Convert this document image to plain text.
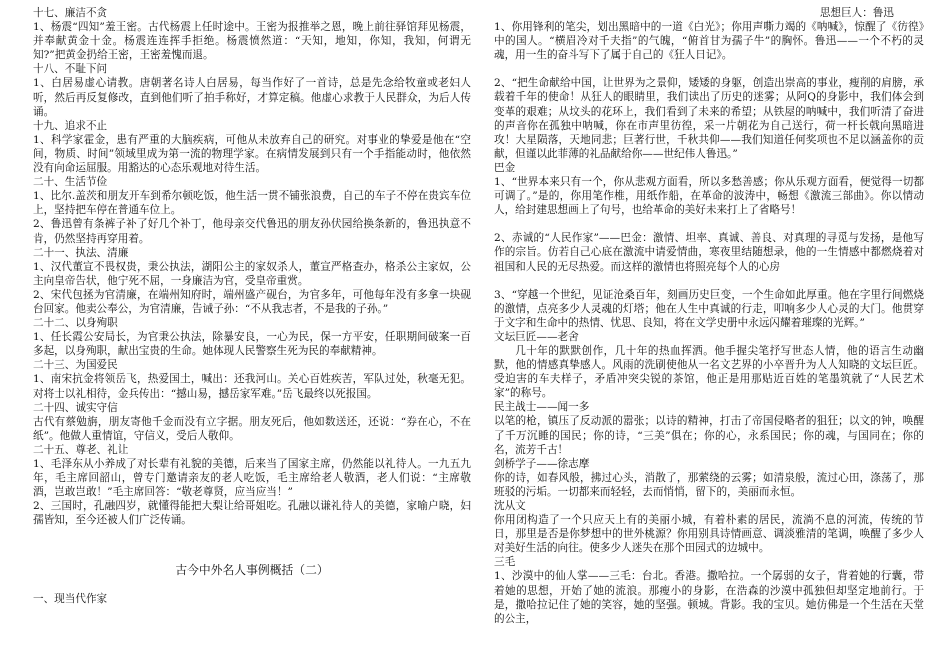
十七、廉洁不贪

1、杨震“四知”羞王密。古代杨震上任时途中。王密为报推举之恩，晚上前往驿馆拜见杨震，并奉献黄金十金。杨震连连挥手拒绝。杨震愤然道：“天知，地知，你知，我知，何谓无知?”把黄金扔给王密，王密羞愧而退。

十八、不耻下问

1、白居易虚心请教。唐朝著名诗人白居易，每当作好了一首诗，总是先念给牧童或老妇人听，然后再反复修改，直到他们听了拍手称好，才算定稿。他虚心求教于人民群众，为后人传诵。

十九、追求不止

1、科学家霍金，患有严重的大脑疾病，可他从未放弃自己的研究。对事业的挚爱是他在“空间，物质、时间”领域里成为第一流的物理学家。在病情发展到只有一个手指能动时，他依然没有向命运屈服。用豁达的心态乐观地对待生活。

二十、生活节俭

1、比尔.盖茨和朋友开车到希尔顿吃饭，他生活一贯不铺张浪费，自己的车子不停在贵宾车位上，坚持把车停在普通车位上。

2、鲁迅曾有条裤子补了好几个补丁，他母亲交代鲁迅的朋友孙伏园给换条新的，鲁迅执意不肯，仍然坚持再穿用着。

二十一、执法、清廉

1、汉代董宣不畏权贵，秉公执法，湖阳公主的家奴杀人，董宣严格查办，格杀公主家奴，公主向皇帝告状，他宁死不屈，一身廉洁为官，受皇帝重赏。

2、宋代包拯为官清廉，在端州知府时，端州盛产砚台，为官多年，可他每年没有多拿一块砚台回家。他卖公奉公，为官清廉，告诫子孙：“不从我志者，不是我的子孙。”

二十二、以身殉职

1、任长霞公安局长，为官秉公执法，除暴安良，一心为民，保一方平安，任职期间破案一百多起，以身殉职，献出宝贵的生命。她体现人民警察生死为民的奉献精神。

二十三、为国爱民

1、南宋抗金将领岳飞，热爱国土，喊出：还我河山。关心百姓疾苦，军队过处，秋毫无犯。对将士以礼相待，金兵传出：“撼山易，撼岳家军难。”岳飞最终以死报国。

二十四、诚实守信

古代有蔡勉旃，朋友寄他千金而没有立字据。朋友死后，他如数送还，还说：“券在心，不在纸”。他做人重情谊，守信义，受后人敬仰。

二十五、尊老、礼让

1、毛泽东从小养成了对长辈有礼貌的美德，后来当了国家主席，仍然能以礼待人。一九五九年，毛主席回韶山，曾专门邀请亲友的老人吃饭，毛主席给老人敬酒，老人们说：“主席敬酒，岂敢岂敢！”毛主席回答：“敬老尊贤，应当应当！”

2、三国时，孔融四岁，就懂得能把大梨让给哥姐吃。孔融以谦礼待人的美德，家喻户晓，妇孺皆知，至今还被人们广泛传诵。

古今中外名人事例概括（二）

一、现当代作家

思想巨人：鲁迅

1、你用锋利的笔尖，划出黑暗中的一道《白光》；你用声嘶力竭的《呐喊》，惊醒了《彷徨》中的国人。“横眉冷对千夫指”的气魄，“俯首甘为孺子牛”的胸怀。鲁迅——一个不朽的灵魂，用一生的奋斗写下了属于自己的《狂人日记》。

2、“把生命献给中国，让世界为之景仰，矮矮的身躯，创造出崇高的事业，瘦削的肩膀，承载着千年的使命！从狂人的眼睛里，我们读出了历史的迷雾；从阿Q的身影中，我们体会到变革的艰难；从坟头的花环上，我们看到了未来的希望；从铁屋的呐喊中，我们听清了奋进的声音你在孤独中呐喊，你在市声里彷徨，采一片朝花为自己送行，荷一杆长戟向黑暗进攻！大星陨落，天地同悲；巨著行世，千秋共仰——我们知道任何奖项也不足以涵盖你的贡献，但谨以此菲薄的礼品献给你——世纪伟人鲁迅。”

巴金

1、“世界本来只有一个，你从悲观方面看，所以多愁善感；你从乐观方面看，便觉得一切都可调了。”是的，你用笔作椎，用纸作船，在革命的波涛中，畅想《激流三部曲》。你以情动人，给封建思想画上了句号，也给革命的美好未来打上了省略号！

2、赤诚的“人民作家”——巴金：激情、坦率、真诚、善良、对真理的寻觅与发扬，是他写作的宗旨。仿若自己心底在激流中请爱情曲，寒夜里结随想录，他的一生情感中都燃烧着对祖国和人民的无尽热爱。而这样的激情也将照亮每个人的心房

3、“穿越一个世纪，见证沧桑百年，刻画历史巨变，一个生命如此厚重。他在字里行间燃烧的激情，点亮多少人灵魂的灯塔；他在人生中真诚的行走，叩响多少人心灵的大门。他贯穿于文字和生命中的热情、忧思、良知，将在文学史册中永远闪耀着璀璨的光辉。”

文坛巨匠——老舍

几十年的默默创作，几十年的热血挥洒。他手握尖笔抒写世态人情，他的语言生动幽默，他的情感真挚感人。风雨的洗刷使他从一名文艺界的小卒晋升为人人知晓的文坛巨匠。受迫害的车夫样子，矛盾冲突尖锐的茶馆，他正是用那贴近百姓的笔墨筑就了“人民艺术家”的称号。

民主战士——闻一多

以笔的枪，镇压了反动派的嚣张；以诗的精神，打击了帝国侵略者的狙狂；以文的钟，唤醒了千万沉睡的国民；你的诗，“三美”俱在；你的心，永系国民；你的魂，与国同在；你的名，流芳千古！

剑桥学子——徐志摩

你的诗，如春风般，拂过心头，消散了，那萦绕的云雾；如清泉般，流过心田，涤荡了，那班驳的污垢。一切都来而轻轻，去而悄悄，留下的，美丽而永恒。

沈从文

你用闭构造了一个只应天上有的美丽小城，有着朴素的居民，流淌不息的河流，传统的节日，那里是否是你梦想中的世外桃源？你用别具诗情画意、调淡雅清的笔调，唤醒了多少人对美好生活的向往。使多少人迷失在那个田园式的边城中。

三毛

1、沙漠中的仙人掌——三毛：台北。香港。撒哈拉。一个孱弱的女子，背着她的行囊，带着她的思想，开始了她的流浪。那瘦小的身影，在浩森的沙漠中孤独但却坚定地前行。于是，撒哈拉记住了她的笑容，她的坚强。顿城。背影。我的宝贝。她仿佛是一个生活在天堂的公主，
